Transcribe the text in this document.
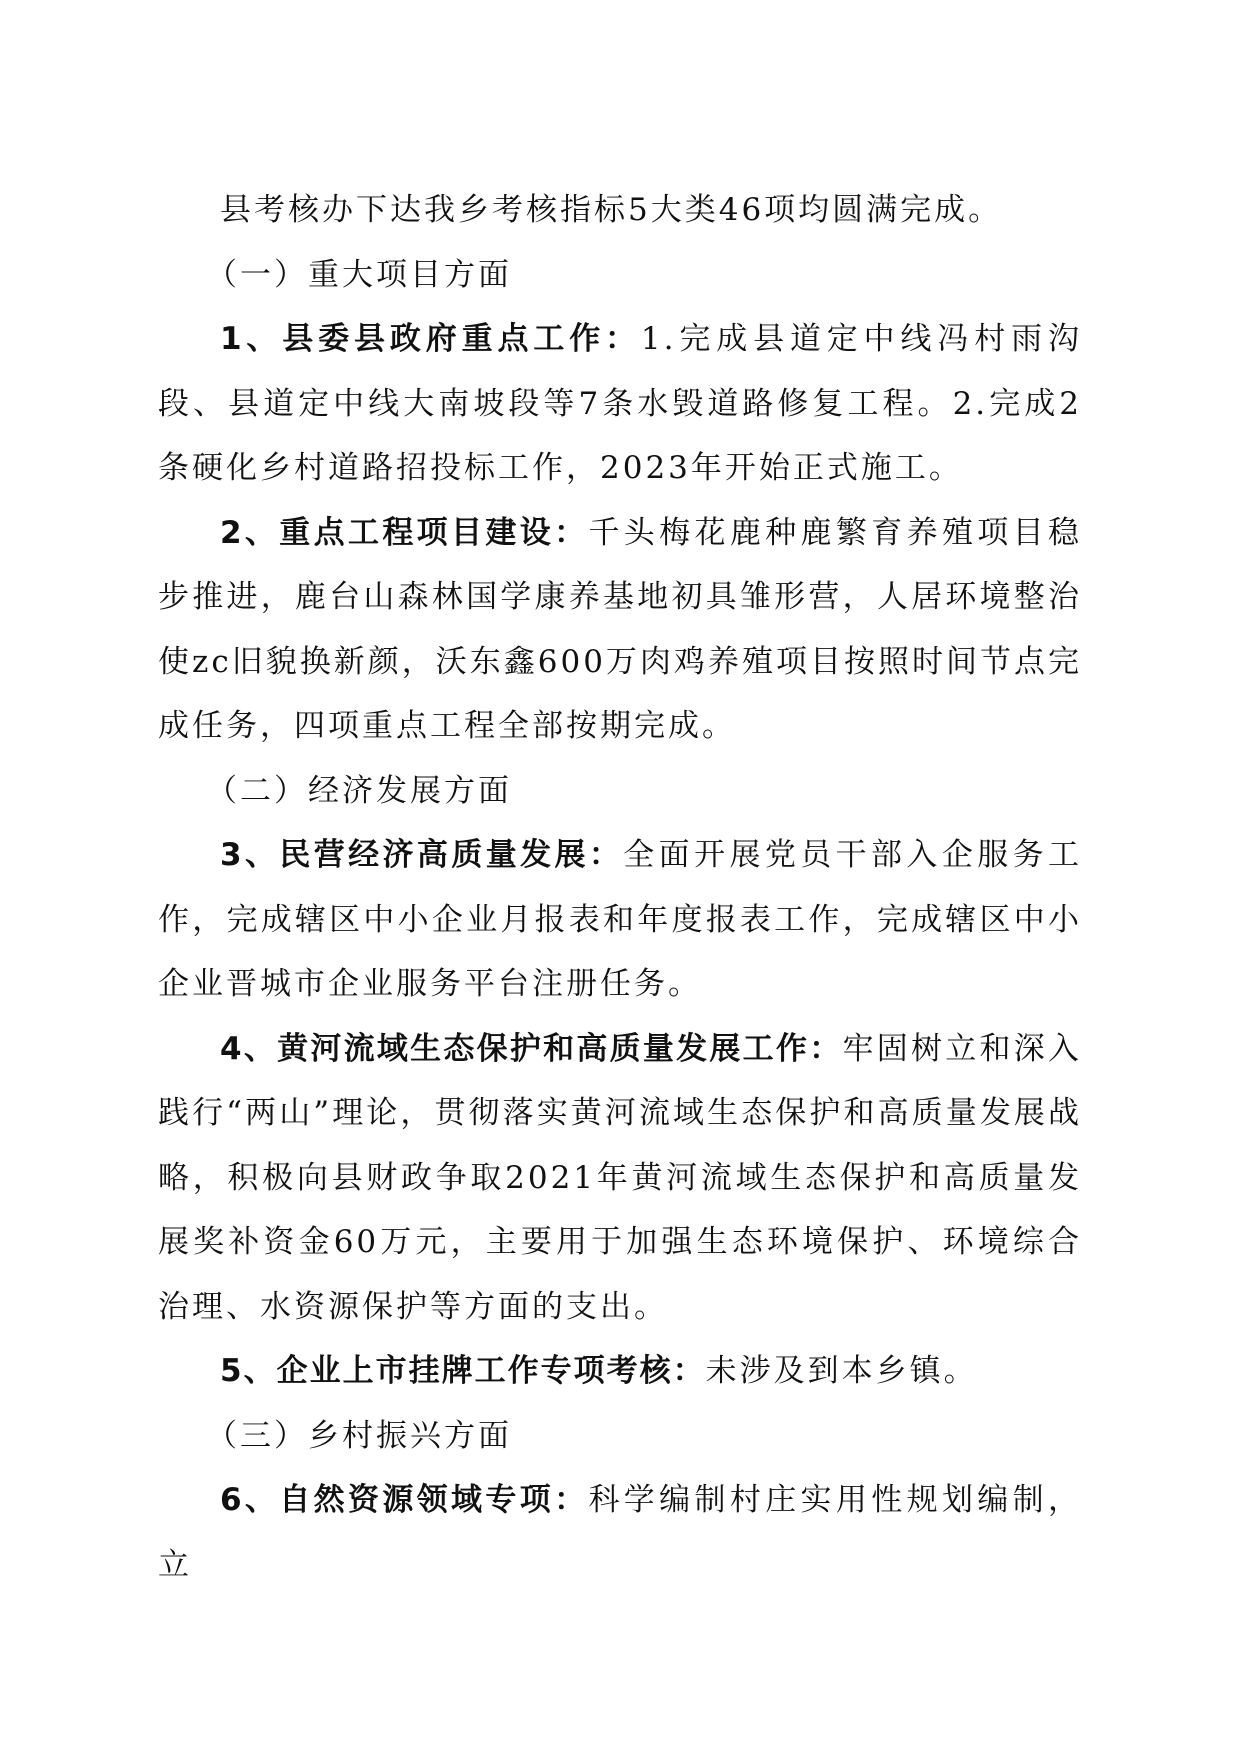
县考核办下达我乡考核指标5大类46项均圆满完成。

（一）重大项目方面

1、县委县政府重点工作：1.完成县道定中线冯村雨沟段、县道定中线大南坡段等7条水毁道路修复工程。2.完成2条硬化乡村道路招投标工作，2023年开始正式施工。

2、重点工程项目建设：千头梅花鹿种鹿繁育养殖项目稳步推进，鹿台山森林国学康养基地初具雏形营，人居环境整治使zc旧貌换新颜，沃东鑫600万肉鸡养殖项目按照时间节点完成任务，四项重点工程全部按期完成。

（二）经济发展方面

3、民营经济高质量发展：全面开展党员干部入企服务工作，完成辖区中小企业月报表和年度报表工作，完成辖区中小企业晋城市企业服务平台注册任务。

4、黄河流域生态保护和高质量发展工作：牢固树立和深入践行“两山”理论，贯彻落实黄河流域生态保护和高质量发展战略，积极向县财政争取2021年黄河流域生态保护和高质量发展奖补资金60万元，主要用于加强生态环境保护、环境综合治理、水资源保护等方面的支出。

5、企业上市挂牌工作专项考核：未涉及到本乡镇。

（三）乡村振兴方面

6、自然资源领域专项：科学编制村庄实用性规划编制，立
